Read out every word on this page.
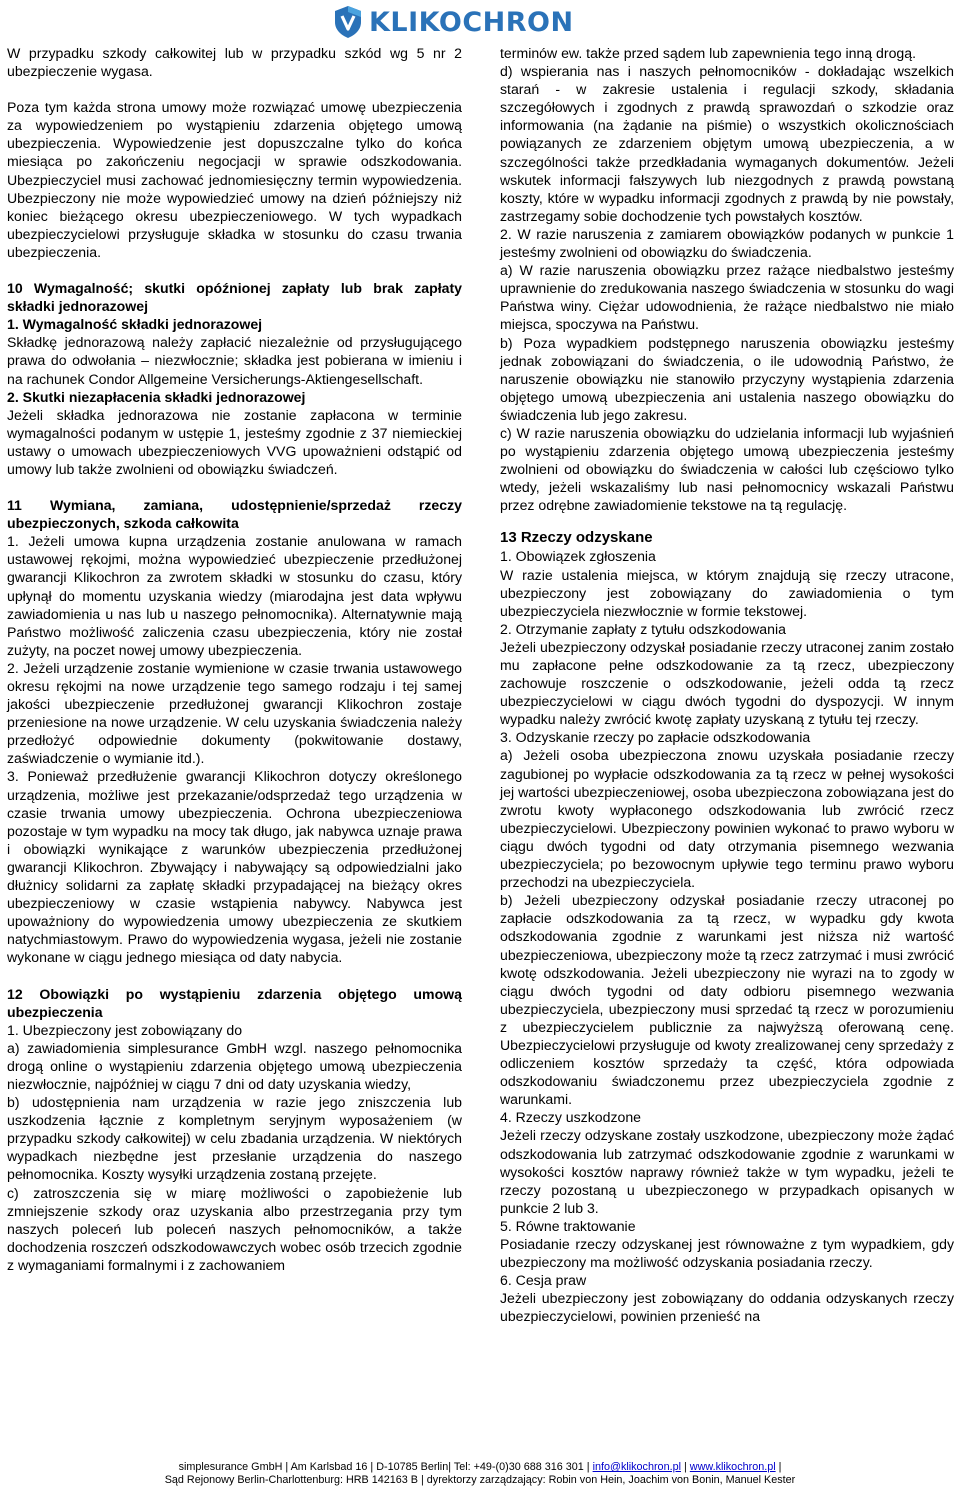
KLIKOCHRON

W przypadku szkody całkowitej lub w przypadku szkód wg 5 nr 2 ubezpieczenie wygasa.

Poza tym każda strona umowy może rozwiązać umowę ubezpieczenia za wypowiedzeniem po wystąpieniu zdarzenia objętego umową ubezpieczenia. Wypowiedzenie jest dopuszczalne tylko do końca miesiąca po zakończeniu negocjacji w sprawie odszkodowania. Ubezpieczyciel musi zachować jednomiesięczny termin wypowiedzenia. Ubezpieczony nie może wypowiedzieć umowy na dzień późniejszy niż koniec bieżącego okresu ubezpieczeniowego. W tych wypadkach ubezpieczycielowi przysługuje składka w stosunku do czasu trwania ubezpieczenia.

10 Wymagalność; skutki opóźnionej zapłaty lub brak zapłaty składki jednorazowej

1. Wymagalność składki jednorazowej

Składkę jednorazową należy zapłacić niezależnie od przysługującego prawa do odwołania – niezwłocznie; składka jest pobierana w imieniu i na rachunek Condor Allgemeine Versicherungs-Aktiengesellschaft.

2. Skutki niezapłacenia składki jednorazowej

Jeżeli składka jednorazowa nie zostanie zapłacona w terminie wymagalności podanym w ustępie 1, jesteśmy zgodnie z 37 niemieckiej ustawy o umowach ubezpieczeniowych VVG upoważnieni odstąpić od umowy lub także zwolnieni od obowiązku świadczeń.

11 Wymiana, zamiana, udostępnienie/sprzedaż rzeczy ubezpieczonych, szkoda całkowita

1. Jeżeli umowa kupna urządzenia zostanie anulowana w ramach ustawowej rękojmi, można wypowiedzieć ubezpieczenie przedłużonej gwarancji Klikochron za zwrotem składki w stosunku do czasu, który upłynął do momentu uzyskania wiedzy (miarodajna jest data wpływu zawiadomienia u nas lub u naszego pełnomocnika). Alternatywnie mają Państwo możliwość zaliczenia czasu ubezpieczenia, który nie został zużyty, na poczet nowej umowy ubezpieczenia.

2. Jeżeli urządzenie zostanie wymienione w czasie trwania ustawowego okresu rękojmi na nowe urządzenie tego samego rodzaju i tej samej jakości ubezpieczenie przedłużonej gwarancji Klikochron zostaje przeniesione na nowe urządzenie. W celu uzyskania świadczenia należy przedłożyć odpowiednie dokumenty (pokwitowanie dostawy, zaświadczenie o wymianie itd.).

3. Ponieważ przedłużenie gwarancji Klikochron dotyczy określonego urządzenia, możliwe jest przekazanie/odsprzedaż tego urządzenia w czasie trwania umowy ubezpieczenia. Ochrona ubezpieczeniowa pozostaje w tym wypadku na mocy tak długo, jak nabywca uznaje prawa i obowiązki wynikające z warunków ubezpieczenia przedłużonej gwarancji Klikochron. Zbywający i nabywający są odpowiedzialni jako dłużnicy solidarni za zapłatę składki przypadającej na bieżący okres ubezpieczeniowy w czasie wstąpienia nabywcy. Nabywca jest upoważniony do wypowiedzenia umowy ubezpieczenia ze skutkiem natychmiastowym. Prawo do wypowiedzenia wygasa, jeżeli nie zostanie wykonane w ciągu jednego miesiąca od daty nabycia.

12 Obowiązki po wystąpieniu zdarzenia objętego umową ubezpieczenia

1. Ubezpieczony jest zobowiązany do

a) zawiadomienia simplesurance GmbH wzgl. naszego pełnomocnika drogą online o wystąpieniu zdarzenia objętego umową ubezpieczenia niezwłocznie, najpóźniej w ciągu 7 dni od daty uzyskania wiedzy,

b) udostępnienia nam urządzenia w razie jego zniszczenia lub uszkodzenia łącznie z kompletnym seryjnym wyposażeniem (w przypadku szkody całkowitej) w celu zbadania urządzenia. W niektórych wypadkach niezbędne jest przesłanie urządzenia do naszego pełnomocnika. Koszty wysyłki urządzenia zostaną przejęte.

c) zatroszczenia się w miarę możliwości o zapobieżenie lub zmniejszenie szkody oraz uzyskania albo przestrzegania przy tym naszych poleceń lub poleceń naszych pełnomocników, a także dochodzenia roszczeń odszkodowawczych wobec osób trzecich zgodnie z wymaganiami formalnymi i z zachowaniem

terminów ew. także przed sądem lub zapewnienia tego inną drogą.

d) wspierania nas i naszych pełnomocników - dokładając wszelkich starań - w zakresie ustalenia i regulacji szkody, składania szczegółowych i zgodnych z prawdą sprawozdań o szkodzie oraz informowania (na żądanie na piśmie) o wszystkich okolicznościach powiązanych ze zdarzeniem objętym umową ubezpieczenia, a w szczególności także przedkładania wymaganych dokumentów. Jeżeli wskutek informacji fałszywych lub niezgodnych z prawdą powstaną koszty, które w wypadku informacji zgodnych z prawdą by nie powstały, zastrzegamy sobie dochodzenie tych powstałych kosztów.

2. W razie naruszenia z zamiarem obowiązków podanych w punkcie 1 jesteśmy zwolnieni od obowiązku do świadczenia.

a) W razie naruszenia obowiązku przez rażące niedbalstwo jesteśmy uprawnienie do zredukowania naszego świadczenia w stosunku do wagi Państwa winy. Ciężar udowodnienia, że rażące niedbalstwo nie miało miejsca, spoczywa na Państwu.

b) Poza wypadkiem podstępnego naruszenia obowiązku jesteśmy jednak zobowiązani do świadczenia, o ile udowodnią Państwo, że naruszenie obowiązku nie stanowiło przyczyny wystąpienia zdarzenia objętego umową ubezpieczenia ani ustalenia naszego obowiązku do świadczenia lub jego zakresu.

c) W razie naruszenia obowiązku do udzielania informacji lub wyjaśnień po wystąpieniu zdarzenia objętego umową ubezpieczenia jesteśmy zwolnieni od obowiązku do świadczenia w całości lub częściowo tylko wtedy, jeżeli wskazaliśmy lub nasi pełnomocnicy wskazali Państwu przez odrębne zawiadomienie tekstowe na tą regulację.

13 Rzeczy odzyskane

1. Obowiązek zgłoszenia

W razie ustalenia miejsca, w którym znajdują się rzeczy utracone, ubezpieczony jest zobowiązany do zawiadomienia o tym ubezpieczyciela niezwłocznie w formie tekstowej.

2. Otrzymanie zapłaty z tytułu odszkodowania

Jeżeli ubezpieczony odzyskał posiadanie rzeczy utraconej zanim zostało mu zapłacone pełne odszkodowanie za tą rzecz, ubezpieczony zachowuje roszczenie o odszkodowanie, jeżeli odda tą rzecz ubezpieczycielowi w ciągu dwóch tygodni do dyspozycji. W innym wypadku należy zwrócić kwotę zapłaty uzyskaną z tytułu tej rzeczy.

3. Odzyskanie rzeczy po zapłacie odszkodowania

a) Jeżeli osoba ubezpieczona znowu uzyskała posiadanie rzeczy zagubionej po wypłacie odszkodowania za tą rzecz w pełnej wysokości jej wartości ubezpieczeniowej, osoba ubezpieczona zobowiązana jest do zwrotu kwoty wypłaconego odszkodowania lub zwrócić rzecz ubezpieczycielowi. Ubezpieczony powinien wykonać to prawo wyboru w ciągu dwóch tygodni od daty otrzymania pisemnego wezwania ubezpieczyciela; po bezowocnym upływie tego terminu prawo wyboru przechodzi na ubezpieczyciela.

b) Jeżeli ubezpieczony odzyskał posiadanie rzeczy utraconej po zapłacie odszkodowania za tą rzecz, w wypadku gdy kwota odszkodowania zgodnie z warunkami jest niższa niż wartość ubezpieczeniowa, ubezpieczony może tą rzecz zatrzymać i musi zwrócić kwotę odszkodowania. Jeżeli ubezpieczony nie wyrazi na to zgody w ciągu dwóch tygodni od daty odbioru pisemnego wezwania ubezpieczyciela, ubezpieczony musi sprzedać tą rzecz w porozumieniu z ubezpieczycielem publicznie za najwyższą oferowaną cenę. Ubezpieczycielowi przysługuje od kwoty zrealizowanej ceny sprzedaży z odliczeniem kosztów sprzedaży ta część, która odpowiada odszkodowaniu świadczonemu przez ubezpieczyciela zgodnie z warunkami.

4. Rzeczy uszkodzone

Jeżeli rzeczy odzyskane zostały uszkodzone, ubezpieczony może żądać odszkodowania lub zatrzymać odszkodowanie zgodnie z warunkami w wysokości kosztów naprawy również także w tym wypadku, jeżeli te rzeczy pozostaną u ubezpieczonego w przypadkach opisanych w punkcie 2 lub 3.

5. Równe traktowanie

Posiadanie rzeczy odzyskanej jest równoważne z tym wypadkiem, gdy ubezpieczony ma możliwość odzyskania posiadania rzeczy.

6. Cesja praw

Jeżeli ubezpieczony jest zobowiązany do oddania odzyskanych rzeczy ubezpieczycielowi, powinien przenieść na

simplesurance GmbH | Am Karlsbad 16 | D-10785 Berlin| Tel: +49-(0)30 688 316 301 | info@klikochron.pl | www.klikochron.pl |
Sąd Rejonowy Berlin-Charlottenburg: HRB 142163 B | dyrektorzy zarządzający: Robin von Hein, Joachim von Bonin, Manuel Kester
